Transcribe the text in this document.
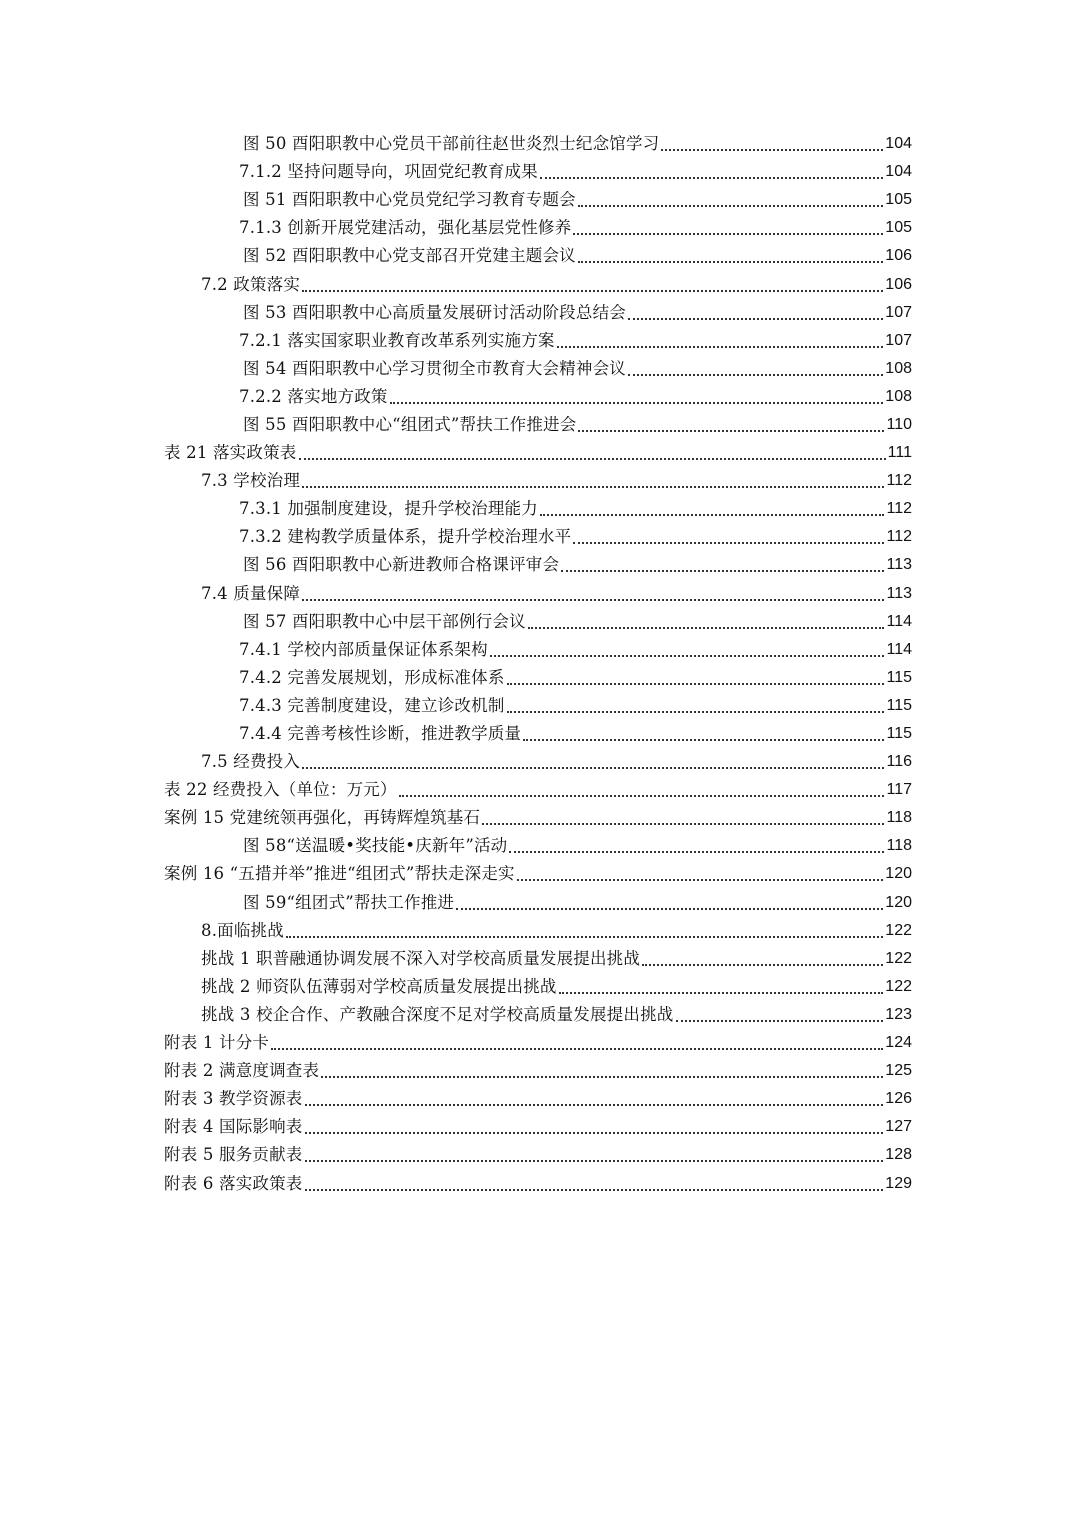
图 50 酉阳职教中心党员干部前往赵世炎烈士纪念馆学习	104
7.1.2 坚持问题导向，巩固党纪教育成果	104
图 51 酉阳职教中心党员党纪学习教育专题会	105
7.1.3 创新开展党建活动，强化基层党性修养	105
图 52 酉阳职教中心党支部召开党建主题会议	106
7.2 政策落实	106
图 53 酉阳职教中心高质量发展研讨活动阶段总结会	107
7.2.1 落实国家职业教育改革系列实施方案	107
图 54 酉阳职教中心学习贯彻全市教育大会精神会议	108
7.2.2 落实地方政策	108
图 55 酉阳职教中心“组团式”帮扶工作推进会	110
表 21 落实政策表	111
7.3 学校治理	112
7.3.1 加强制度建设，提升学校治理能力	112
7.3.2 建构教学质量体系，提升学校治理水平	112
图 56 酉阳职教中心新进教师合格课评审会	113
7.4 质量保障	113
图 57 酉阳职教中心中层干部例行会议	114
7.4.1 学校内部质量保证体系架构	114
7.4.2 完善发展规划，形成标准体系	115
7.4.3 完善制度建设，建立诊改机制	115
7.4.4 完善考核性诊断，推进教学质量	115
7.5 经费投入	116
表 22 经费投入（单位：万元）	117
案例 15 党建统领再强化，再铸辉煌筑基石	118
图 58“送温暖•奖技能•庆新年”活动	118
案例 16 “五措并举”推进“组团式”帮扶走深走实	120
图 59“组团式”帮扶工作推进	120
8.面临挑战	122
挑战 1 职普融通协调发展不深入对学校高质量发展提出挑战	122
挑战 2 师资队伍薄弱对学校高质量发展提出挑战	122
挑战 3 校企合作、产教融合深度不足对学校高质量发展提出挑战	123
附表 1 计分卡	124
附表 2 满意度调查表	125
附表 3 教学资源表	126
附表 4 国际影响表	127
附表 5 服务贡献表	128
附表 6 落实政策表	129
